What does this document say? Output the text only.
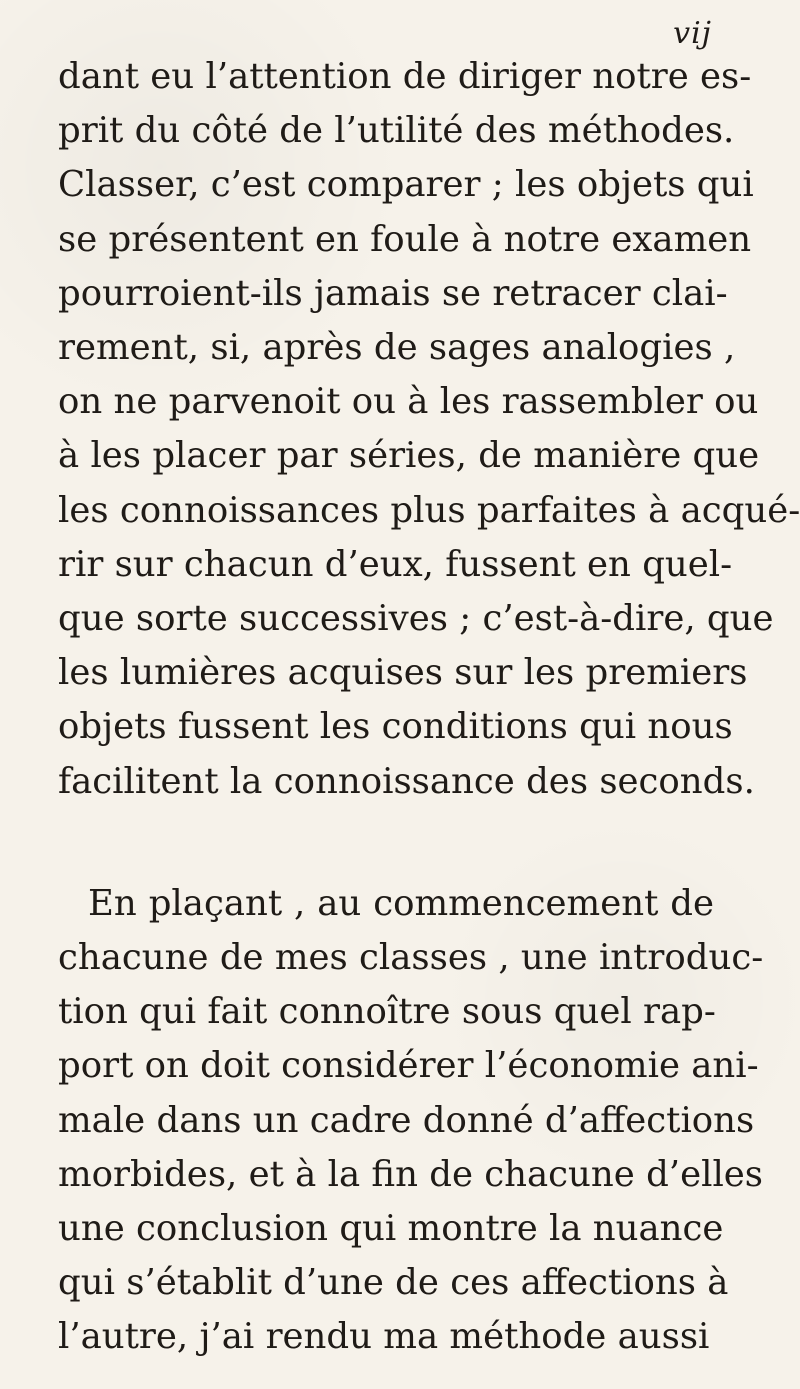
vij
dant eu l’attention de diriger notre es-
prit du côté de l’utilité des méthodes.
Classer, c’est comparer ; les objets qui
se présentent en foule à notre examen
pourroient-ils jamais se retracer clai-
rement, si, après de sages analogies ,
on ne parvenoit ou à les rassembler ou
à les placer par séries, de manière que
les connoissances plus parfaites à acqué-
rir sur chacun d’eux, fussent en quel-
que sorte successives ; c’est-à-dire, que
les lumières acquises sur les premiers
objets fussent les conditions qui nous
facilitent la connoissance des seconds.
En plaçant , au commencement de
chacune de mes classes , une introduc-
tion qui fait connoître sous quel rap-
port on doit considérer l’économie ani-
male dans un cadre donné d’affections
morbides, et à la fin de chacune d’elles
une conclusion qui montre la nuance
qui s’établit d’une de ces affections à
l’autre, j’ai rendu ma méthode aussi
